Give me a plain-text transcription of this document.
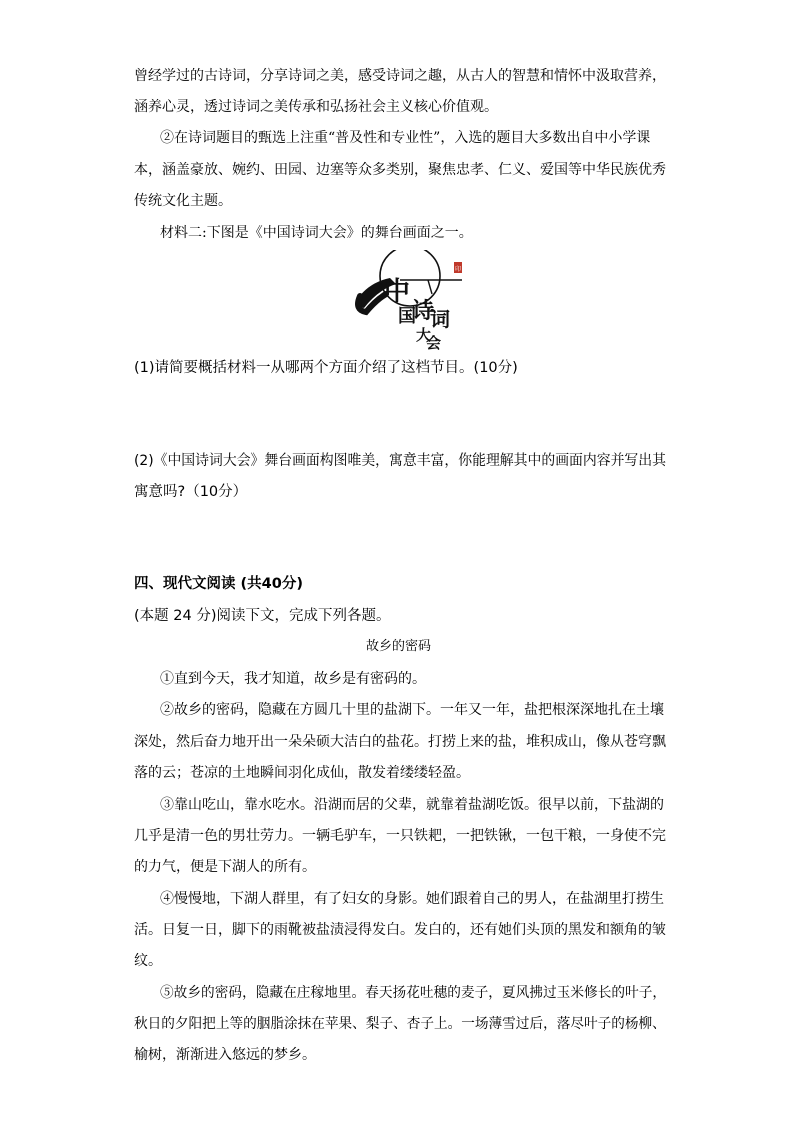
曾经学过的古诗词，分享诗词之美，感受诗词之趣，从古人的智慧和情怀中汲取营养，
涵养心灵，透过诗词之美传承和弘扬社会主义核心价值观。
②在诗词题目的甄选上注重“普及性和专业性”，入选的题目大多数出自中小学课
本，涵盖豪放、婉约、田园、边塞等众多类别，聚焦忠孝、仁义、爱国等中华民族优秀
传统文化主题。
材料二:下图是《中国诗词大会》的舞台画面之一。
印
中
国
诗
词
大
会
(1)请简要概括材料一从哪两个方面介绍了这档节目。(10分)
(2)《中国诗词大会》舞台画面构图唯美，寓意丰富，你能理解其中的画面内容并写出其
寓意吗?（10分）
四、现代文阅读 (共40分)
(本题 24 分)阅读下文，完成下列各题。
故乡的密码
①直到今天，我才知道，故乡是有密码的。
②故乡的密码，隐藏在方圆几十里的盐湖下。一年又一年，盐把根深深地扎在土壤
深处，然后奋力地开出一朵朵硕大洁白的盐花。打捞上来的盐，堆积成山，像从苍穹飘
落的云；苍凉的土地瞬间羽化成仙，散发着缕缕轻盈。
③靠山吃山，靠水吃水。沿湖而居的父辈，就靠着盐湖吃饭。很早以前，下盐湖的
几乎是清一色的男壮劳力。一辆毛驴车，一只铁耙，一把铁锹，一包干粮，一身使不完
的力气，便是下湖人的所有。
④慢慢地，下湖人群里，有了妇女的身影。她们跟着自己的男人，在盐湖里打捞生
活。日复一日，脚下的雨靴被盐渍浸得发白。发白的，还有她们头顶的黑发和额角的皱
纹。
⑤故乡的密码，隐藏在庄稼地里。春天扬花吐穗的麦子，夏风拂过玉米修长的叶子，
秋日的夕阳把上等的胭脂涂抹在苹果、梨子、杏子上。一场薄雪过后，落尽叶子的杨柳、
榆树，渐渐进入悠远的梦乡。
